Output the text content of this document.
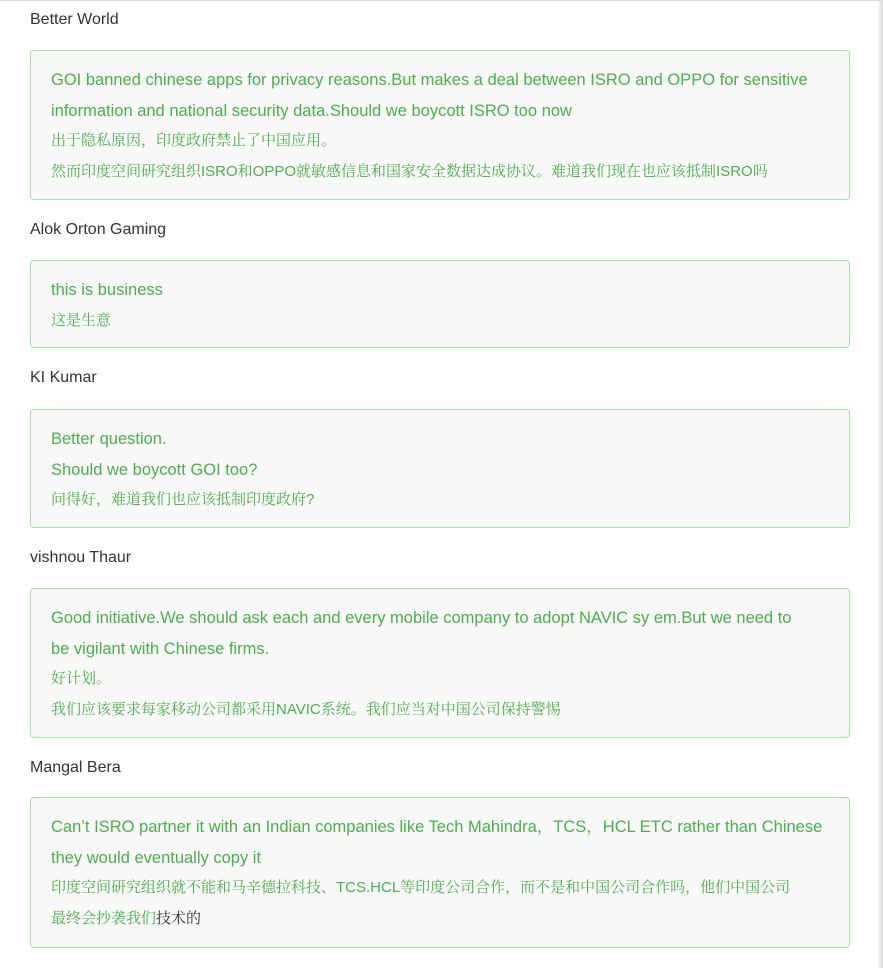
Better World
GOI banned chinese apps for privacy reasons.But makes a deal between ISRO and OPPO for sensitive
information and national security data.Should we boycott ISRO too now
出于隐私原因，印度政府禁止了中国应用。
然而印度空间研究组织ISRO和OPPO就敏感信息和国家安全数据达成协议。难道我们现在也应该抵制ISRO吗
Alok Orton Gaming
this is business
这是生意
KI Kumar
Better question.
Should we boycott GOI too?
问得好，难道我们也应该抵制印度政府?
vishnou Thaur
Good initiative.We should ask each and every mobile company to adopt NAVIC sy em.But we need to
be vigilant with Chinese firms.
好计划。
我们应该要求每家移动公司都采用NAVIC系统。我们应当对中国公司保持警惕
Mangal Bera
Can’t ISRO partner it with an Indian companies like Tech Mahindra，TCS，HCL ETC rather than Chinese
they would eventually copy it
印度空间研究组织就不能和马辛德拉科技、TCS.HCL等印度公司合作，而不是和中国公司合作吗，他们中国公司
最终会抄袭我们技术的
